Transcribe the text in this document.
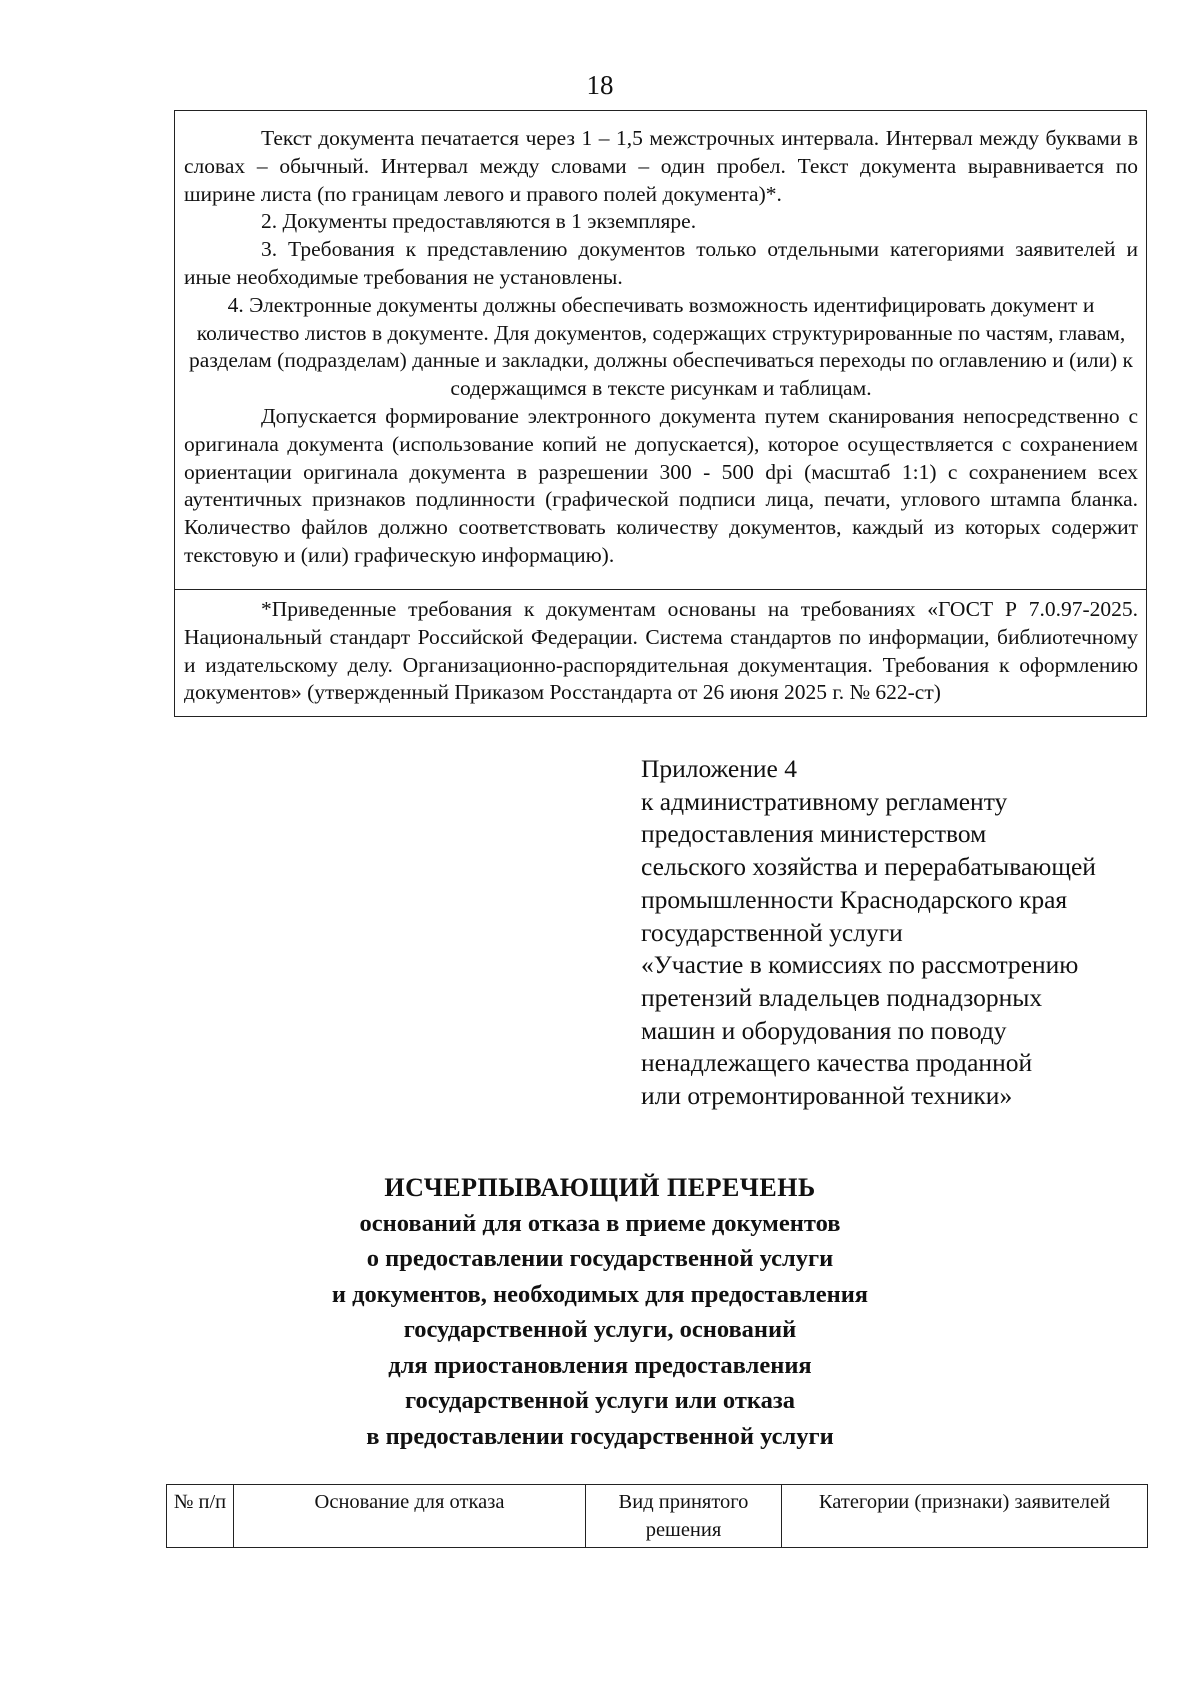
18

Текст документа печатается через 1 – 1,5 межстрочных интервала. Интервал между буквами в словах – обычный. Интервал между словами – один пробел. Текст документа выравнивается по ширине листа (по границам левого и правого полей документа)*.

2. Документы предоставляются в 1 экземпляре.

3. Требования к представлению документов только отдельными категориями заявителей и иные необходимые требования не установлены.

4. Электронные документы должны обеспечивать возможность идентифицировать документ и количество листов в документе. Для документов, содержащих структурированные по частям, главам, разделам (подразделам) данные и закладки, должны обеспечиваться переходы по оглавлению и (или) к содержащимся в тексте рисункам и таблицам.

Допускается формирование электронного документа путем сканирования непосредственно с оригинала документа (использование копий не допускается), которое осуществляется с сохранением ориентации оригинала документа в разрешении 300 - 500 dpi (масштаб 1:1) с сохранением всех аутентичных признаков подлинности (графической подписи лица, печати, углового штампа бланка. Количество файлов должно соответствовать количеству документов, каждый из которых содержит текстовую и (или) графическую информацию).

*Приведенные требования к документам основаны на требованиях «ГОСТ Р 7.0.97-2025. Национальный стандарт Российской Федерации. Система стандартов по информации, библиотечному и издательскому делу. Организационно-распорядительная документация. Требования к оформлению документов» (утвержденный Приказом Росстандарта от 26 июня 2025 г. № 622-ст)

Приложение 4
к административному регламенту
предоставления министерством
сельского хозяйства и перерабатывающей
промышленности Краснодарского края
государственной услуги
«Участие в комиссиях по рассмотрению
претензий владельцев поднадзорных
машин и оборудования по поводу
ненадлежащего качества проданной
или отремонтированной техники»
ИСЧЕРПЫВАЮЩИЙ ПЕРЕЧЕНЬ
оснований для отказа в приеме документов
о предоставлении государственной услуги
и документов, необходимых для предоставления
государственной услуги, оснований
для приостановления предоставления
государственной услуги или отказа
в предоставлении государственной услуги
№ п/п	Основание для отказа	Вид принятого решения	Категории (признаки) заявителей
